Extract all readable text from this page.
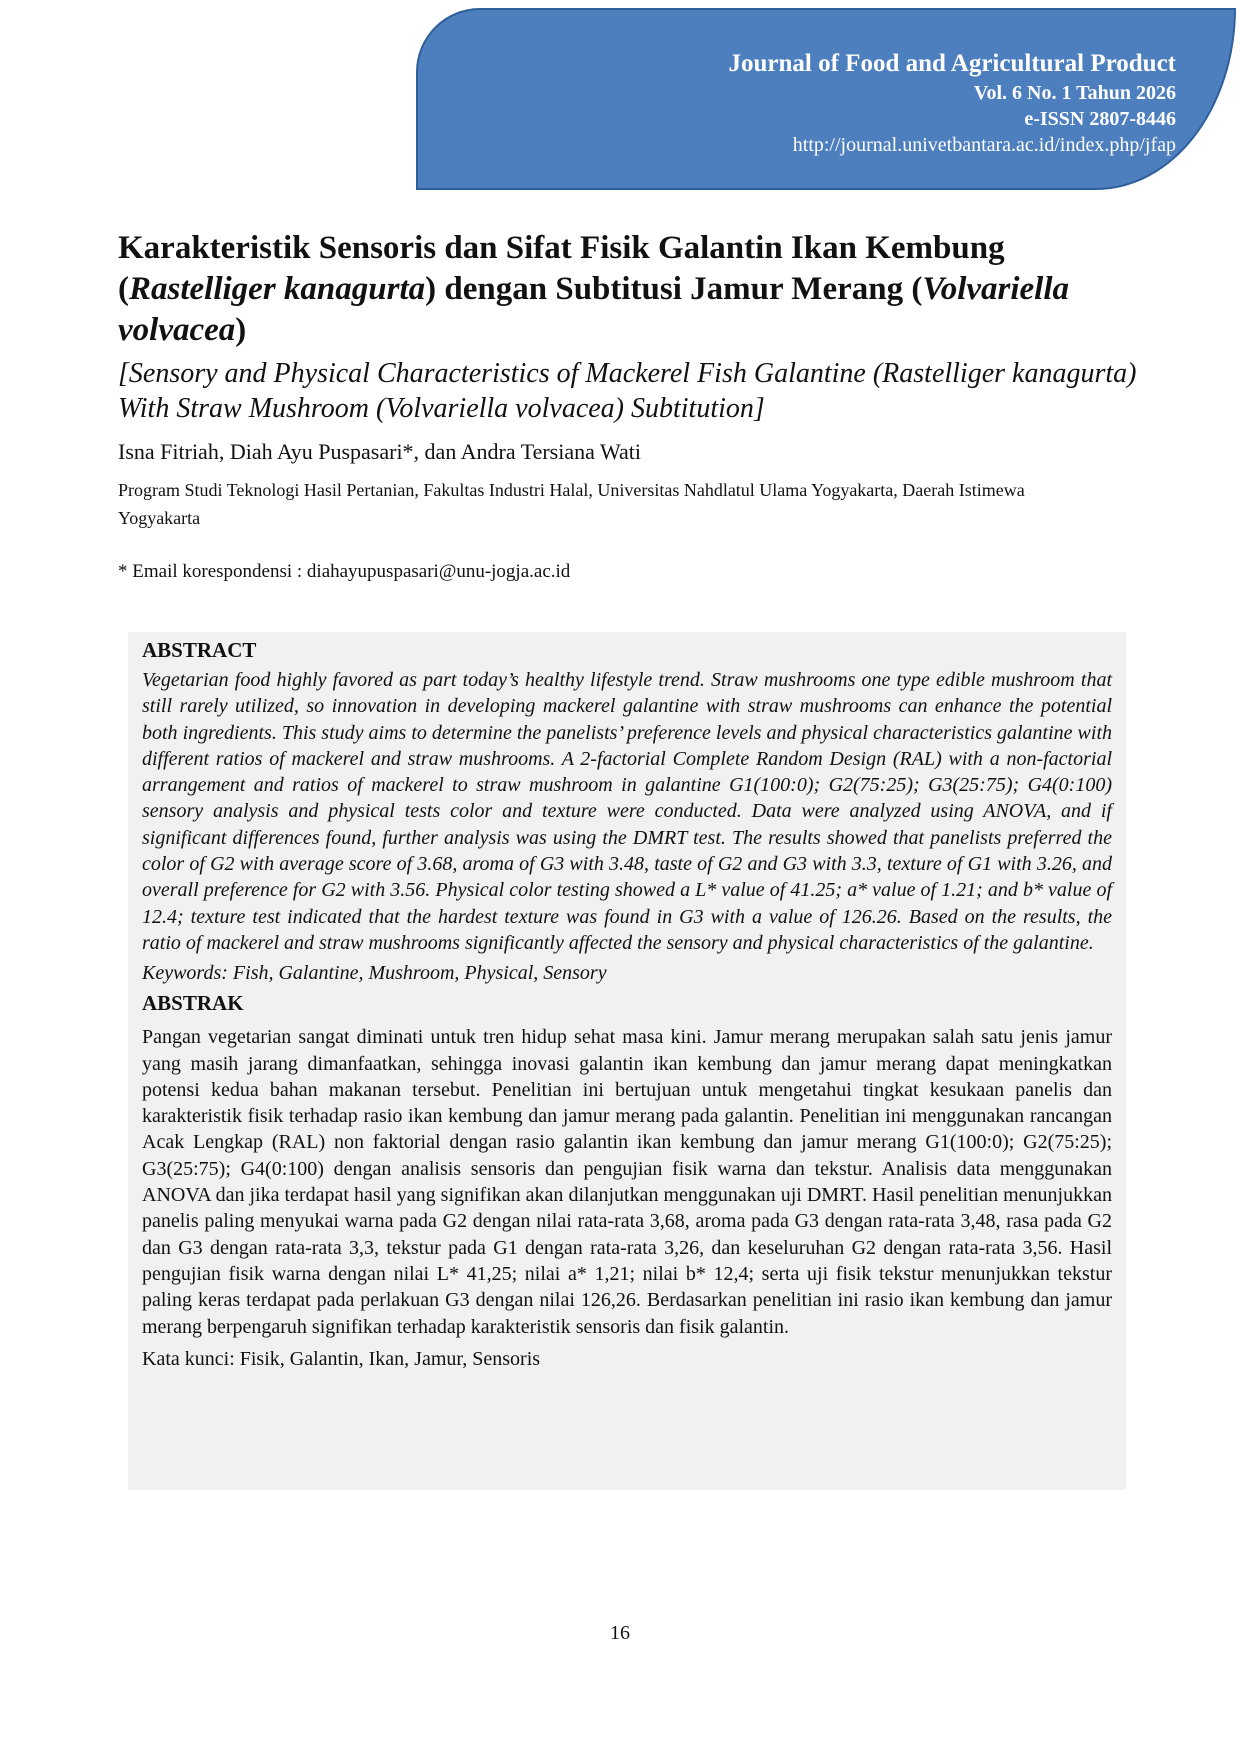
Journal of Food and Agricultural Product
Vol. 6 No. 1 Tahun 2026
e-ISSN 2807-8446
http://journal.univetbantara.ac.id/index.php/jfap
Karakteristik Sensoris dan Sifat Fisik Galantin Ikan Kembung (Rastelliger kanagurta) dengan Subtitusi Jamur Merang (Volvariella volvacea)

[Sensory and Physical Characteristics of Mackerel Fish Galantine (Rastelliger kanagurta) With Straw Mushroom (Volvariella volvacea) Subtitution]

Isna Fitriah, Diah Ayu Puspasari*, dan Andra Tersiana Wati
Program Studi Teknologi Hasil Pertanian, Fakultas Industri Halal, Universitas Nahdlatul Ulama Yogyakarta, Daerah Istimewa Yogyakarta
* Email korespondensi : diahayupuspasari@unu-jogja.ac.id

ABSTRACT

Vegetarian food highly favored as part today’s healthy lifestyle trend. Straw mushrooms one type edible mushroom that still rarely utilized, so innovation in developing mackerel galantine with straw mushrooms can enhance the potential both ingredients. This study aims to determine the panelists’ preference levels and physical characteristics galantine with different ratios of mackerel and straw mushrooms. A 2-factorial Complete Random Design (RAL) with a non-factorial arrangement and ratios of mackerel to straw mushroom in galantine G1(100:0); G2(75:25); G3(25:75); G4(0:100) sensory analysis and physical tests color and texture were conducted. Data were analyzed using ANOVA, and if significant differences found, further analysis was using the DMRT test. The results showed that panelists preferred the color of G2 with average score of 3.68, aroma of G3 with 3.48, taste of G2 and G3 with 3.3, texture of G1 with 3.26, and overall preference for G2 with 3.56. Physical color testing showed a L* value of 41.25; a* value of 1.21; and b* value of 12.4; texture test indicated that the hardest texture was found in G3 with a value of 126.26. Based on the results, the ratio of mackerel and straw mushrooms significantly affected the sensory and physical characteristics of the galantine.

Keywords: Fish, Galantine, Mushroom, Physical, Sensory

ABSTRAK

Pangan vegetarian sangat diminati untuk tren hidup sehat masa kini. Jamur merang merupakan salah satu jenis jamur yang masih jarang dimanfaatkan, sehingga inovasi galantin ikan kembung dan jamur merang dapat meningkatkan potensi kedua bahan makanan tersebut. Penelitian ini bertujuan untuk mengetahui tingkat kesukaan panelis dan karakteristik fisik terhadap rasio ikan kembung dan jamur merang pada galantin. Penelitian ini menggunakan rancangan Acak Lengkap (RAL) non faktorial dengan rasio galantin ikan kembung dan jamur merang G1(100:0); G2(75:25); G3(25:75); G4(0:100) dengan analisis sensoris dan pengujian fisik warna dan tekstur. Analisis data menggunakan ANOVA dan jika terdapat hasil yang signifikan akan dilanjutkan menggunakan uji DMRT. Hasil penelitian menunjukkan panelis paling menyukai warna pada G2 dengan nilai rata-rata 3,68, aroma pada G3 dengan rata-rata 3,48, rasa pada G2 dan G3 dengan rata-rata 3,3, tekstur pada G1 dengan rata-rata 3,26, dan keseluruhan G2 dengan rata-rata 3,56. Hasil pengujian fisik warna dengan nilai L* 41,25; nilai a* 1,21; nilai b* 12,4; serta uji fisik tekstur menunjukkan tekstur paling keras terdapat pada perlakuan G3 dengan nilai 126,26. Berdasarkan penelitian ini rasio ikan kembung dan jamur merang berpengaruh signifikan terhadap karakteristik sensoris dan fisik galantin.

Kata kunci: Fisik, Galantin, Ikan, Jamur, Sensoris

16
